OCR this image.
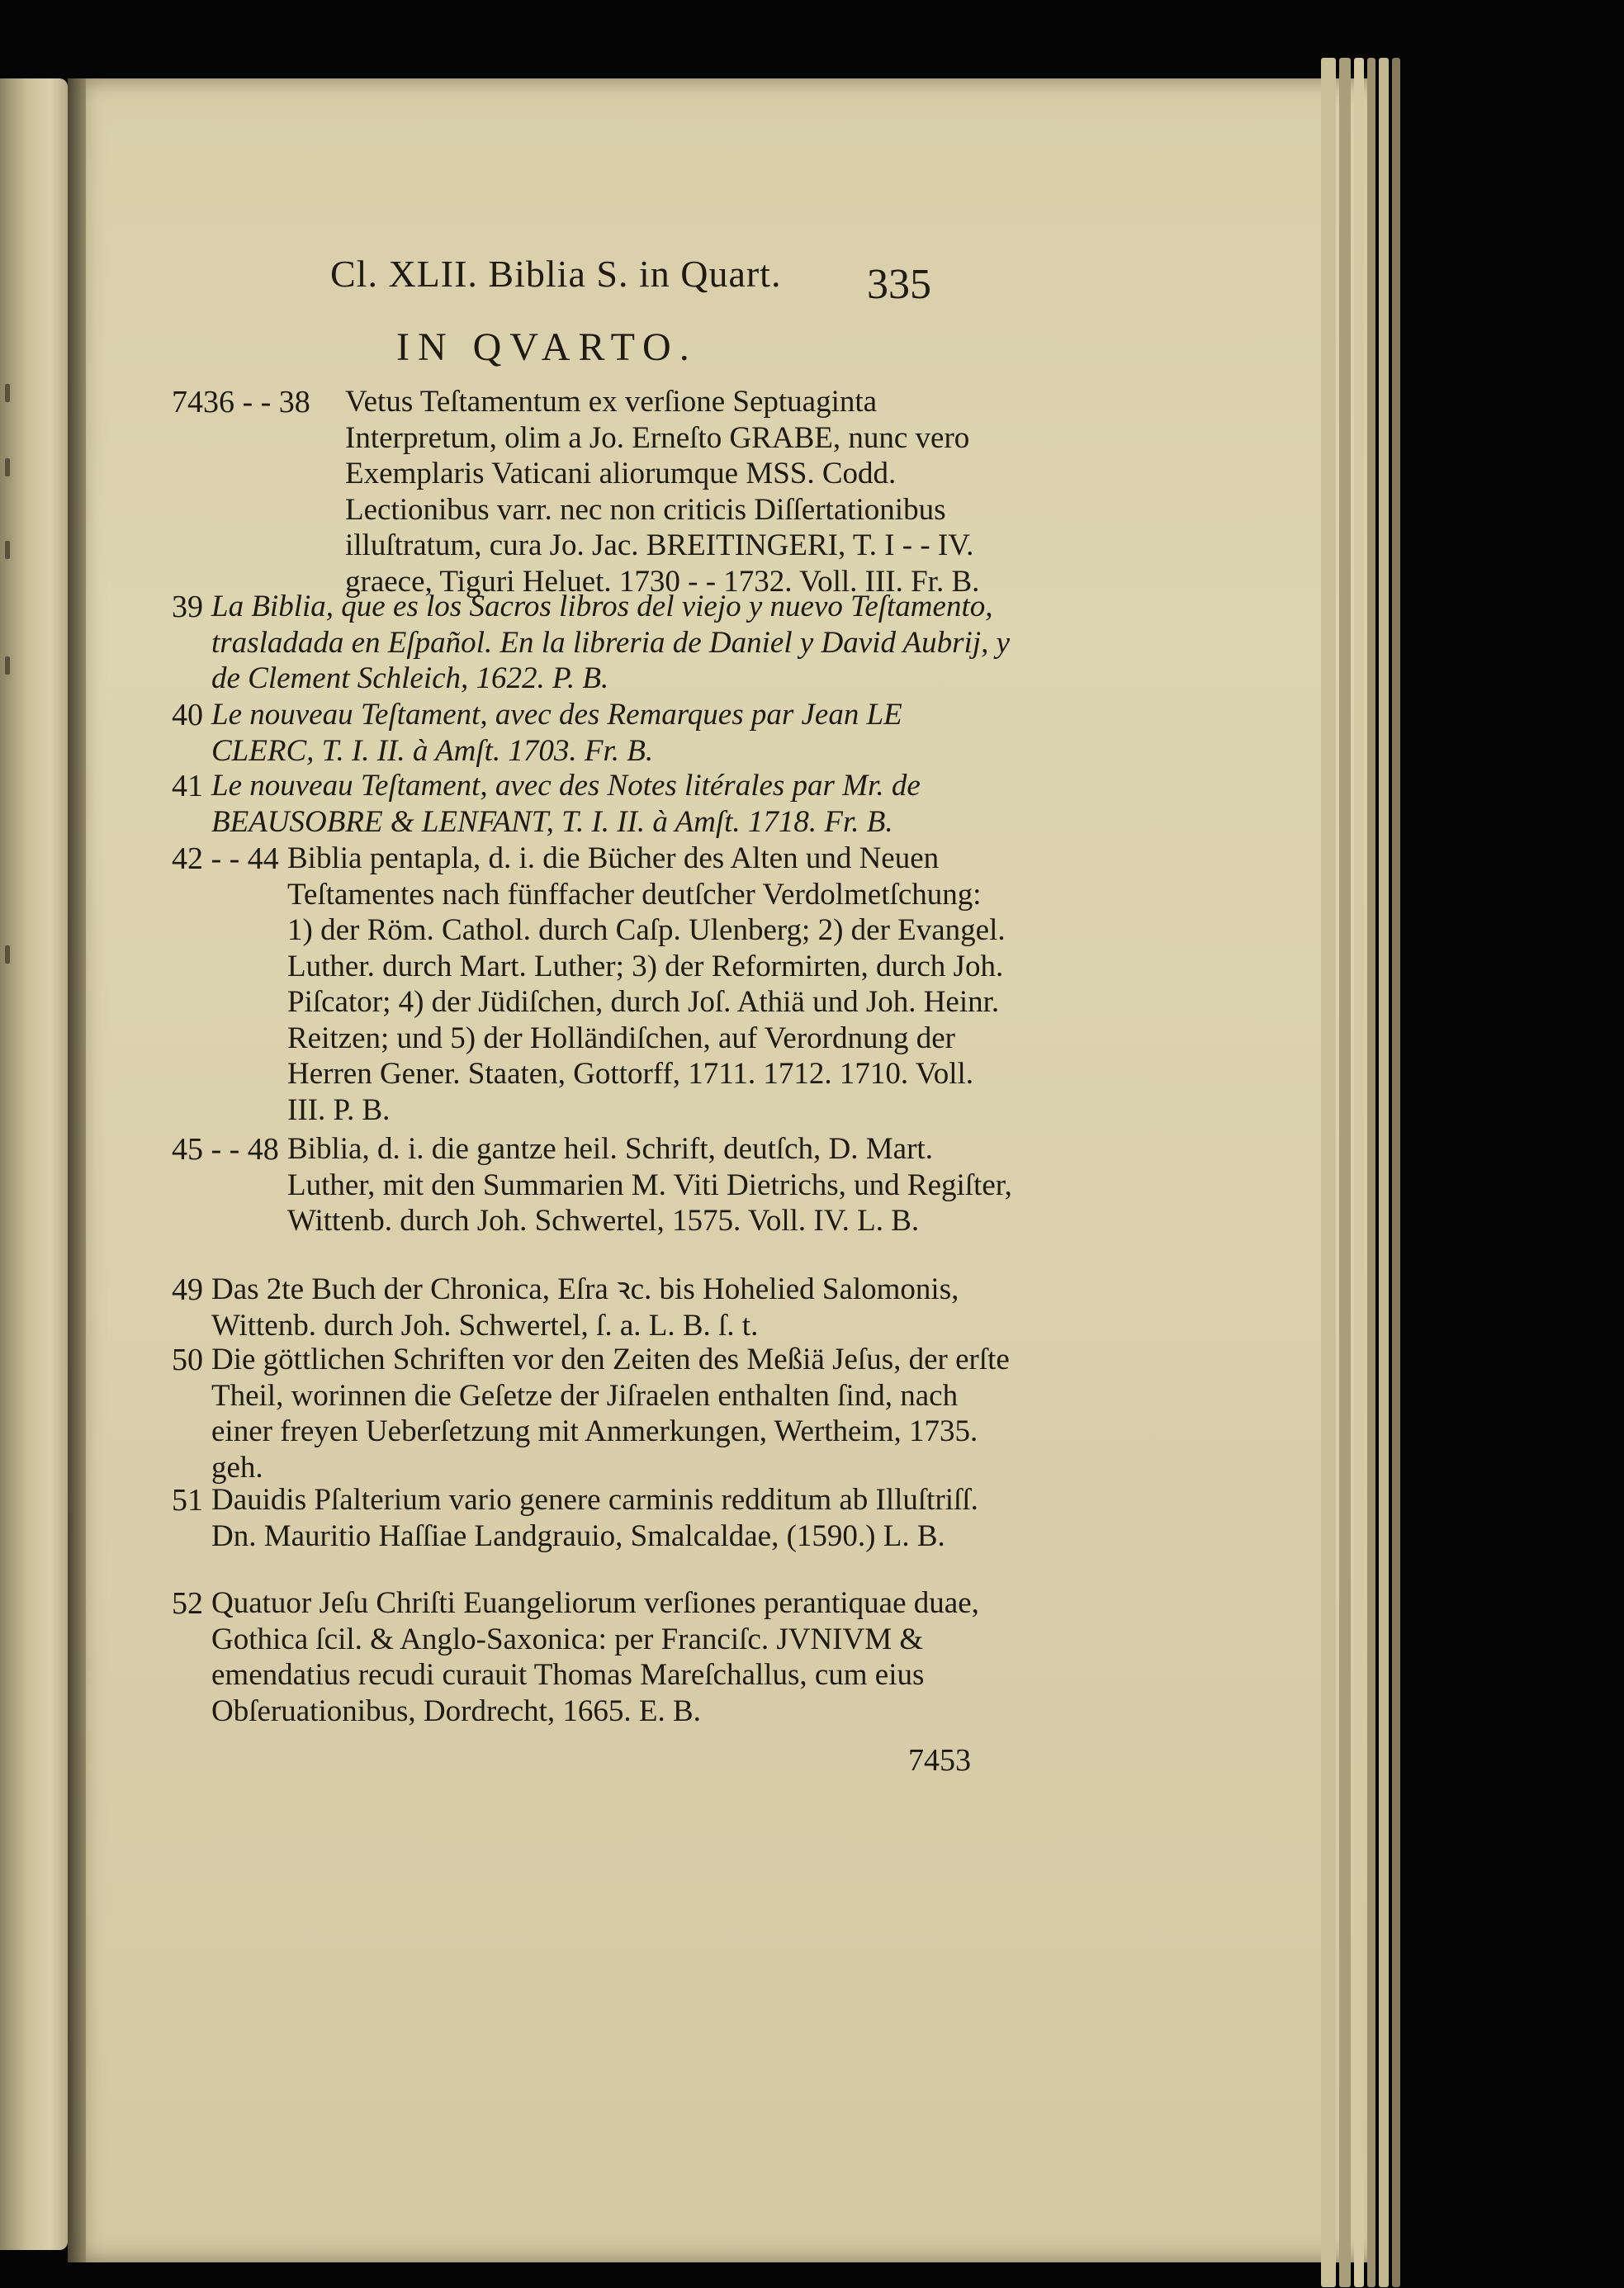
Cl. XLII. Biblia S. in Quart. 335
IN QVARTO.
7436 - - 38 Vetus Teſtamentum ex verſione Septuaginta Interpretum, olim a Jo. Erneſto GRABE, nunc vero Exemplaris Vaticani aliorumque MSS. Codd. Lectionibus varr. nec non criticis Diſſertationibus illuſtratum, cura Jo. Jac. BREITINGERI, T. I - - IV. graece, Tiguri Heluet. 1730 - - 1732. Voll. III. Fr. B.
39 La Biblia, que es los Sacros libros del viejo y nuevo Teſtamento, trasladada en Eſpañol. En la libreria de Daniel y David Aubrij, y de Clement Schleich, 1622. P. B.
40 Le nouveau Teſtament, avec des Remarques par Jean LE CLERC, T. I. II. à Amſt. 1703. Fr. B.
41 Le nouveau Teſtament, avec des Notes litérales par Mr. de BEAUSOBRE & LENFANT, T. I. II. à Amſt. 1718. Fr. B.
42 - - 44 Biblia pentapla, d. i. die Bücher des Alten und Neuen Teſtamentes nach fünffacher deutſcher Verdolmetſchung: 1) der Röm. Cathol. durch Caſp. Ulenberg; 2) der Evangel. Luther. durch Mart. Luther; 3) der Reformirten, durch Joh. Piſcator; 4) der Jüdiſchen, durch Joſ. Athiä und Joh. Heinr. Reitzen; und 5) der Holländiſchen, auf Verordnung der Herren Gener. Staaten, Gottorff, 1711. 1712. 1710. Voll. III. P. B.
45 - - 48 Biblia, d. i. die gantze heil. Schrift, deutſch, D. Mart. Luther, mit den Summarien M. Viti Dietrichs, und Regiſter, Wittenb. durch Joh. Schwertel, 1575. Voll. IV. L. B.
49 Das 2te Buch der Chronica, Eſra ꝛc. bis Hohelied Salomonis, Wittenb. durch Joh. Schwertel, ſ. a. L. B. ſ. t.
50 Die göttlichen Schriften vor den Zeiten des Meßiä Jeſus, der erſte Theil, worinnen die Geſetze der Jiſraelen enthalten ſind, nach einer freyen Ueberſetzung mit Anmerkungen, Wertheim, 1735. geh.
51 Dauidis Pſalterium vario genere carminis redditum ab Illuſtriſſ. Dn. Mauritio Haſſiae Landgrauio, Smalcaldae, (1590.) L. B.
52 Quatuor Jeſu Chriſti Euangeliorum verſiones perantiquae duae, Gothica ſcil. & Anglo-Saxonica: per Franciſc. JVNIVM & emendatius recudi curauit Thomas Mareſchallus, cum eius Obſeruationibus, Dordrecht, 1665. E. B.
7453
